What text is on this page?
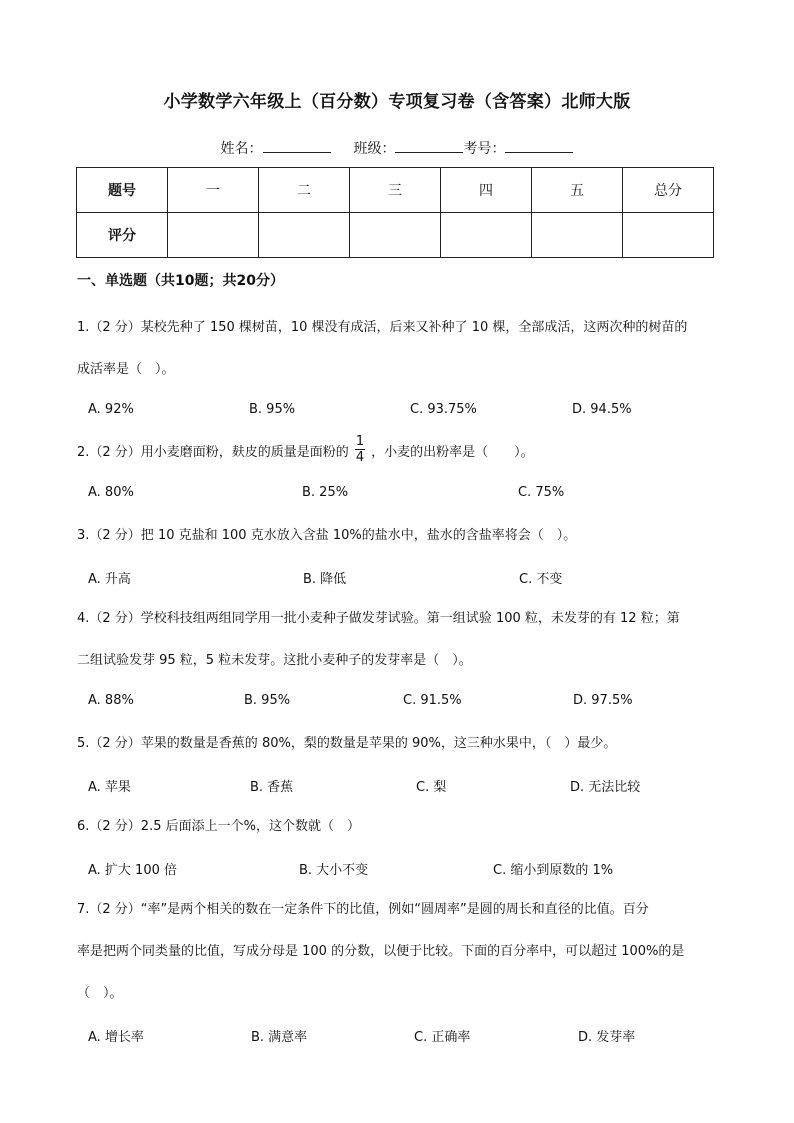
小学数学六年级上（百分数）专项复习卷（含答案）北师大版
姓名：	班级：	考号：
题号	一	二	三	四	五	总分
评分						
一、单选题（共10题；共20分）
1.（2 分）某校先种了 150 棵树苗，10 棵没有成活，后来又补种了 10 棵，全部成活，这两次种的树苗的
成活率是（　）。
A. 92%	B. 95%	C. 93.75%	D. 94.5%
2.（2 分）用小麦磨面粉，麸皮的质量是面粉的 $\frac{1}{4}$ ，小麦的出粉率是（　　）。
A. 80%	B. 25%	C. 75%
3.（2 分）把 10 克盐和 100 克水放入含盐 10%的盐水中，盐水的含盐率将会（　）。
A. 升高	B. 降低	C. 不变
4.（2 分）学校科技组两组同学用一批小麦种子做发芽试验。第一组试验 100 粒，未发芽的有 12 粒；第
二组试验发芽 95 粒，5 粒未发芽。这批小麦种子的发芽率是（　）。
A. 88%	B. 95%	C. 91.5%	D. 97.5%
5.（2 分）苹果的数量是香蕉的 80%，梨的数量是苹果的 90%，这三种水果中，（　）最少。
A. 苹果	B. 香蕉	C. 梨	D. 无法比较
6.（2 分）2.5 后面添上一个%，这个数就（　）
A. 扩大 100 倍	B. 大小不变	C. 缩小到原数的 1%
7.（2 分）“率”是两个相关的数在一定条件下的比值，例如“圆周率”是圆的周长和直径的比值。百分
率是把两个同类量的比值，写成分母是 100 的分数，以便于比较。下面的百分率中，可以超过 100%的是
（　）。
A. 增长率	B. 满意率	C. 正确率	D. 发芽率
